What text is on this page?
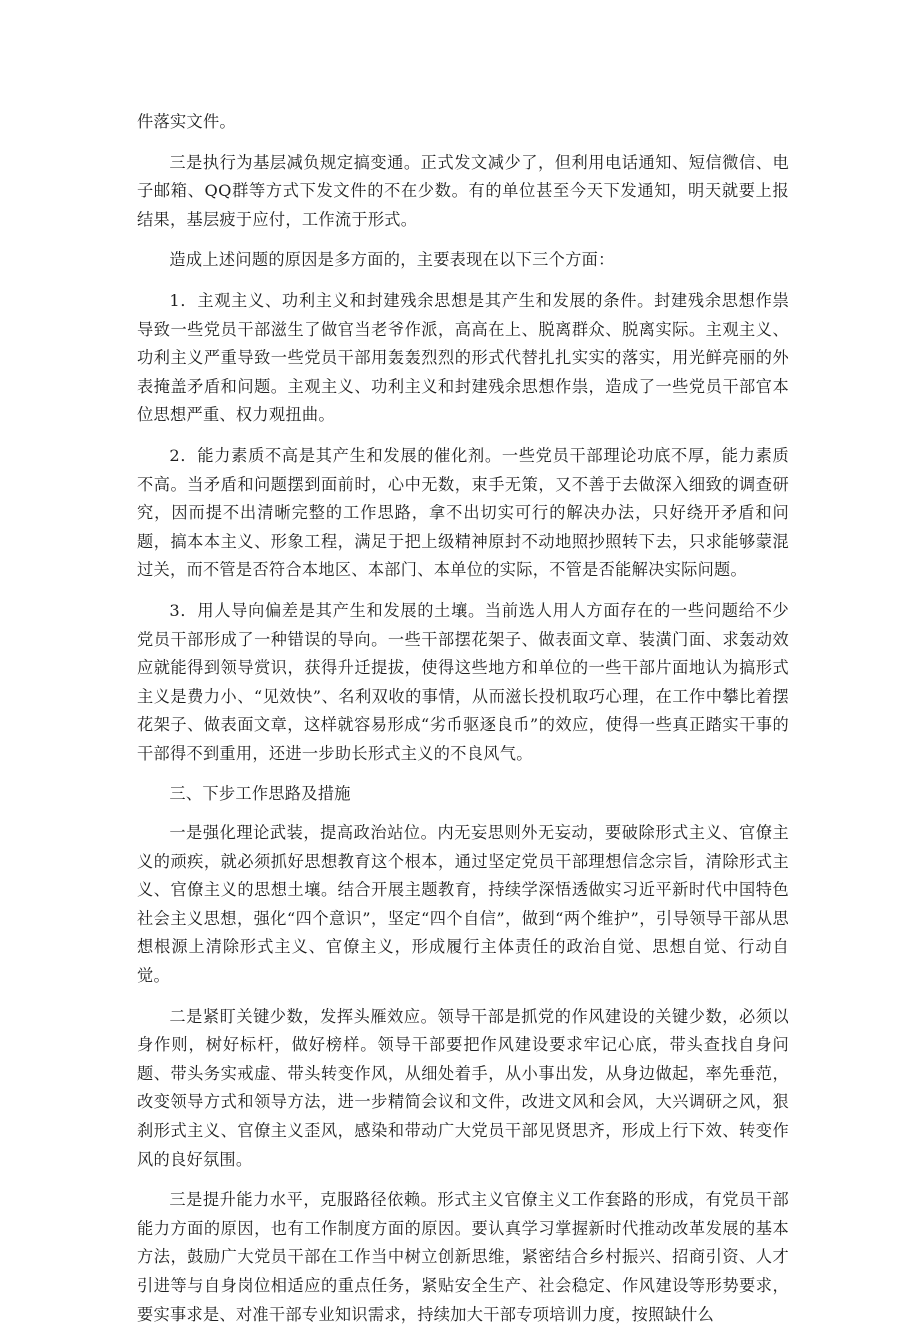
件落实文件。

三是执行为基层减负规定搞变通。正式发文减少了，但利用电话通知、短信微信、电子邮箱、QQ群等方式下发文件的不在少数。有的单位甚至今天下发通知，明天就要上报结果，基层疲于应付，工作流于形式。

造成上述问题的原因是多方面的，主要表现在以下三个方面：

1．主观主义、功利主义和封建残余思想是其产生和发展的条件。封建残余思想作祟导致一些党员干部滋生了做官当老爷作派，高高在上、脱离群众、脱离实际。主观主义、功利主义严重导致一些党员干部用轰轰烈烈的形式代替扎扎实实的落实，用光鲜亮丽的外表掩盖矛盾和问题。主观主义、功利主义和封建残余思想作祟，造成了一些党员干部官本位思想严重、权力观扭曲。

2．能力素质不高是其产生和发展的催化剂。一些党员干部理论功底不厚，能力素质不高。当矛盾和问题摆到面前时，心中无数，束手无策，又不善于去做深入细致的调查研究，因而提不出清晰完整的工作思路，拿不出切实可行的解决办法，只好绕开矛盾和问题，搞本本主义、形象工程，满足于把上级精神原封不动地照抄照转下去，只求能够蒙混过关，而不管是否符合本地区、本部门、本单位的实际，不管是否能解决实际问题。

3．用人导向偏差是其产生和发展的土壤。当前选人用人方面存在的一些问题给不少党员干部形成了一种错误的导向。一些干部摆花架子、做表面文章、装潢门面、求轰动效应就能得到领导赏识，获得升迁提拔，使得这些地方和单位的一些干部片面地认为搞形式主义是费力小、“见效快”、名利双收的事情，从而滋长投机取巧心理，在工作中攀比着摆花架子、做表面文章，这样就容易形成“劣币驱逐良币”的效应，使得一些真正踏实干事的干部得不到重用，还进一步助长形式主义的不良风气。

三、下步工作思路及措施

一是强化理论武装，提高政治站位。内无妄思则外无妄动，要破除形式主义、官僚主义的顽疾，就必须抓好思想教育这个根本，通过坚定党员干部理想信念宗旨，清除形式主义、官僚主义的思想土壤。结合开展主题教育，持续学深悟透做实习近平新时代中国特色社会主义思想，强化“四个意识”，坚定“四个自信”，做到“两个维护”，引导领导干部从思想根源上清除形式主义、官僚主义，形成履行主体责任的政治自觉、思想自觉、行动自觉。

二是紧盯关键少数，发挥头雁效应。领导干部是抓党的作风建设的关键少数，必须以身作则，树好标杆，做好榜样。领导干部要把作风建设要求牢记心底，带头查找自身问题、带头务实戒虚、带头转变作风，从细处着手，从小事出发，从身边做起，率先垂范，改变领导方式和领导方法，进一步精简会议和文件，改进文风和会风，大兴调研之风，狠刹形式主义、官僚主义歪风，感染和带动广大党员干部见贤思齐，形成上行下效、转变作风的良好氛围。

三是提升能力水平，克服路径依赖。形式主义官僚主义工作套路的形成，有党员干部能力方面的原因，也有工作制度方面的原因。要认真学习掌握新时代推动改革发展的基本方法，鼓励广大党员干部在工作当中树立创新思维，紧密结合乡村振兴、招商引资、人才引进等与自身岗位相适应的重点任务，紧贴安全生产、社会稳定、作风建设等形势要求，要实事求是、对准干部专业知识需求，持续加大干部专项培训力度，按照缺什么
